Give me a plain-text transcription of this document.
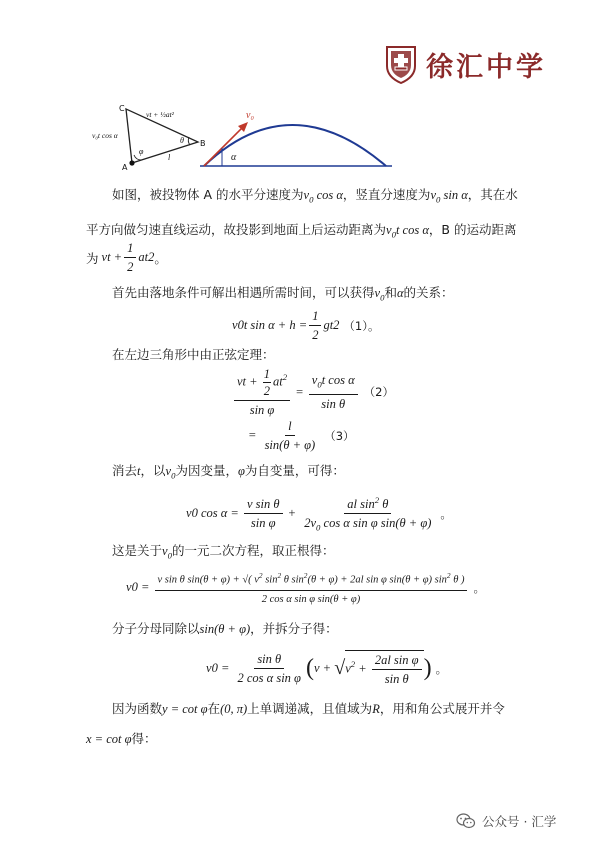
徐汇中学
C
A
B
vt + ½at²
v₀t cos α
l
θ
φ
v₀
α
如图，被投物体 A 的水平分速度为$v_0$ cos α，竖直分速度为$v_0$ sin α，其在水平方向做匀速直线运动，故投影到地面上后运动距离为$v_0t$ cos α，B 的运动距离
为 vt + $\frac{1}{2}$ at 2 。
首先由落地条件可解出相遇所需时间，可以获得$v_0$和α的关系：
v 0 t $\sin \alpha + h = \frac{1}{2}$ gt 2 （1）。
在左边三角形中由正弦定理：
$\frac{vt + \frac{1}{2} at^2}{\text{sin φ}} = \frac{v_0t \cos \alpha}{\text{sin θ}} (2)$
= $\frac{l}{\sin(\theta + \varphi)} (3)$
消去t，以$v_0$为因变量，φ为自变量，可得：
v 0 $\cos \alpha = \frac{\text{v sin θ}}{\text{sin φ}} + \frac{al \sin^2 \theta}{2v_0 \cos \alpha \sin \varphi \sin(\theta + \varphi)}$ 。
这是关于$v_0$的一元二次方程，取正根得：
v 0 =
v sin θ sin(θ + φ) + √( $v^2$ $\sin^2 \theta$ $\sin^2(\theta + \varphi) + 2al$ sin φ sin(θ + φ) $\sin^2 \theta$ )
2 cos α sin φ sin(θ + φ)
。
分子分母同除以sin(θ + φ)，并拆分子得：
v $0 = \frac{\text{sin θ}}{\text{2 cos α sin φ}}$ ( v + √ $v^2 + \frac{\text{2al sin φ}}{\text{sin θ}}$ ) 。
因为函数y = cot φ在(0, π)上单调递减，且值域为R，用和角公式展开并令
x = cot φ得：
公众号 · 汇学
